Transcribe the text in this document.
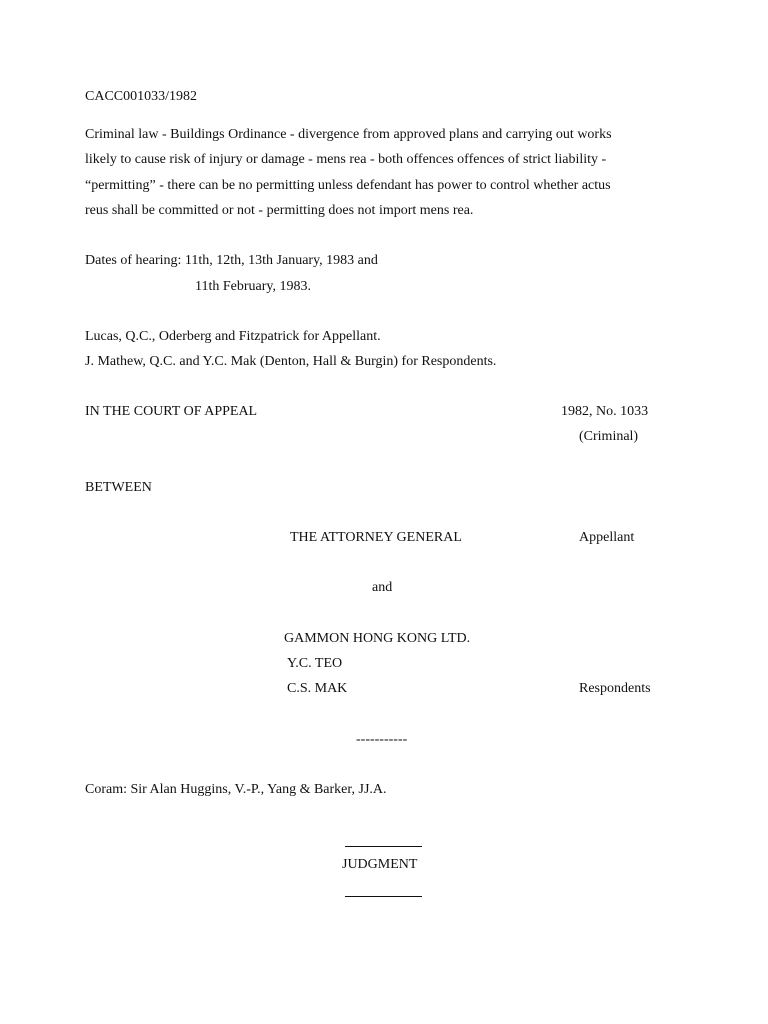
CACC001033/1982
Criminal law - Buildings Ordinance - divergence from approved plans and carrying out works
likely to cause risk of injury or damage - mens rea - both offences offences of strict liability -
“permitting” - there can be no permitting unless defendant has power to control whether actus
reus shall be committed or not - permitting does not import mens rea.
Dates of hearing: 11th, 12th, 13th January, 1983 and
11th February, 1983.
Lucas, Q.C., Oderberg and Fitzpatrick for Appellant.
J. Mathew, Q.C. and Y.C. Mak (Denton, Hall & Burgin) for Respondents.
IN THE COURT OF APPEAL	1982, No. 1033
(Criminal)
BETWEEN
THE ATTORNEY GENERAL	Appellant
and
GAMMON HONG KONG LTD.
Y.C. TEO
C.S. MAK	Respondents
-----------
Coram: Sir Alan Huggins, V.-P., Yang & Barker, JJ.A.
JUDGMENT
